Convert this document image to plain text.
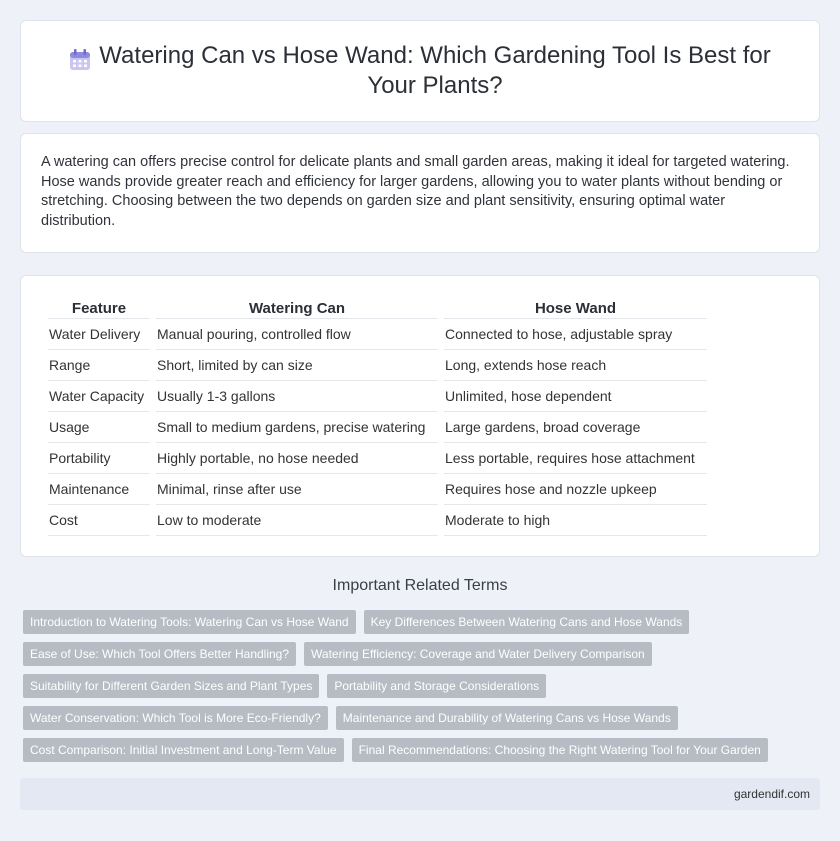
Watering Can vs Hose Wand: Which Gardening Tool Is Best for Your Plants?

A watering can offers precise control for delicate plants and small garden areas, making it ideal for targeted watering. Hose wands provide greater reach and efficiency for larger gardens, allowing you to water plants without bending or stretching. Choosing between the two depends on garden size and plant sensitivity, ensuring optimal water distribution.

Feature	Watering Can	Hose Wand
Water Delivery	Manual pouring, controlled flow	Connected to hose, adjustable spray
Range	Short, limited by can size	Long, extends hose reach
Water Capacity	Usually 1-3 gallons	Unlimited, hose dependent
Usage	Small to medium gardens, precise watering	Large gardens, broad coverage
Portability	Highly portable, no hose needed	Less portable, requires hose attachment
Maintenance	Minimal, rinse after use	Requires hose and nozzle upkeep
Cost	Low to moderate	Moderate to high
Important Related Terms
Introduction to Watering Tools: Watering Can vs Hose Wand	Key Differences Between Watering Cans and Hose Wands
Ease of Use: Which Tool Offers Better Handling?	Watering Efficiency: Coverage and Water Delivery Comparison
Suitability for Different Garden Sizes and Plant Types	Portability and Storage Considerations
Water Conservation: Which Tool is More Eco-Friendly?	Maintenance and Durability of Watering Cans vs Hose Wands
Cost Comparison: Initial Investment and Long-Term Value	Final Recommendations: Choosing the Right Watering Tool for Your Garden
gardendif.com
